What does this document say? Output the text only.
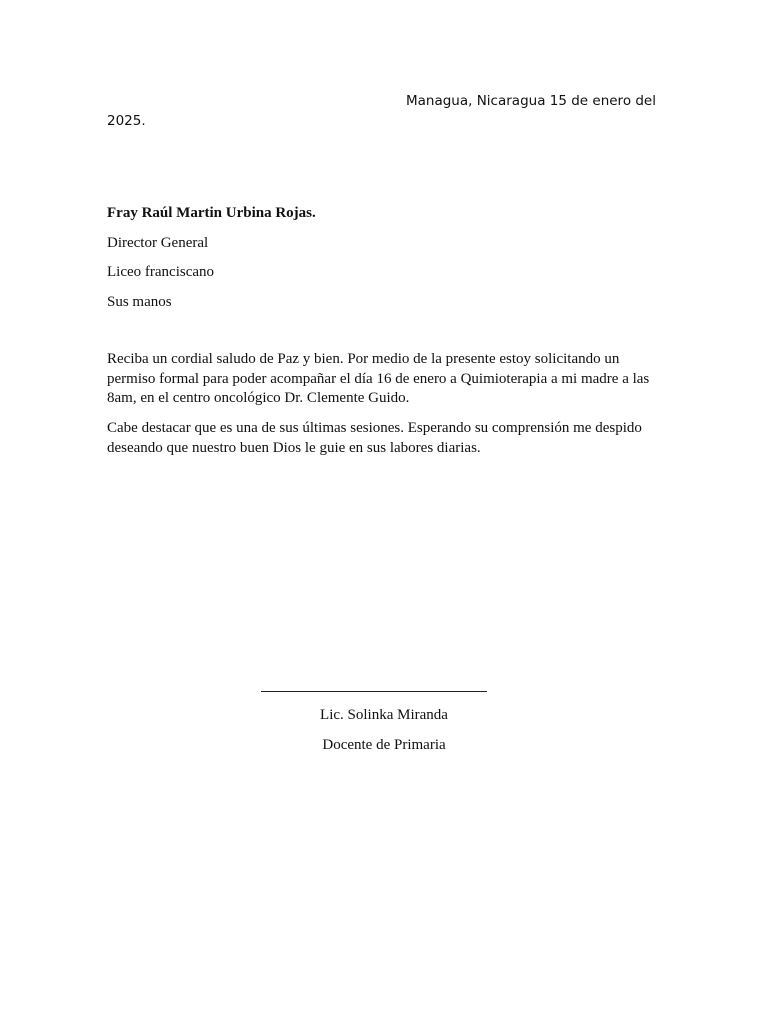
Managua, Nicaragua 15 de enero del
2025.
Fray Raúl Martin Urbina Rojas.
Director General
Liceo franciscano
Sus manos

Reciba un cordial saludo de Paz y bien. Por medio de la presente estoy solicitando un permiso formal para poder acompañar el día 16 de enero a Quimioterapia a mi madre a las 8am, en el centro oncológico Dr. Clemente Guido.

Cabe destacar que es una de sus últimas sesiones. Esperando su comprensión me despido deseando que nuestro buen Dios le guie en sus labores diarias.

Lic. Solinka Miranda
Docente de Primaria
